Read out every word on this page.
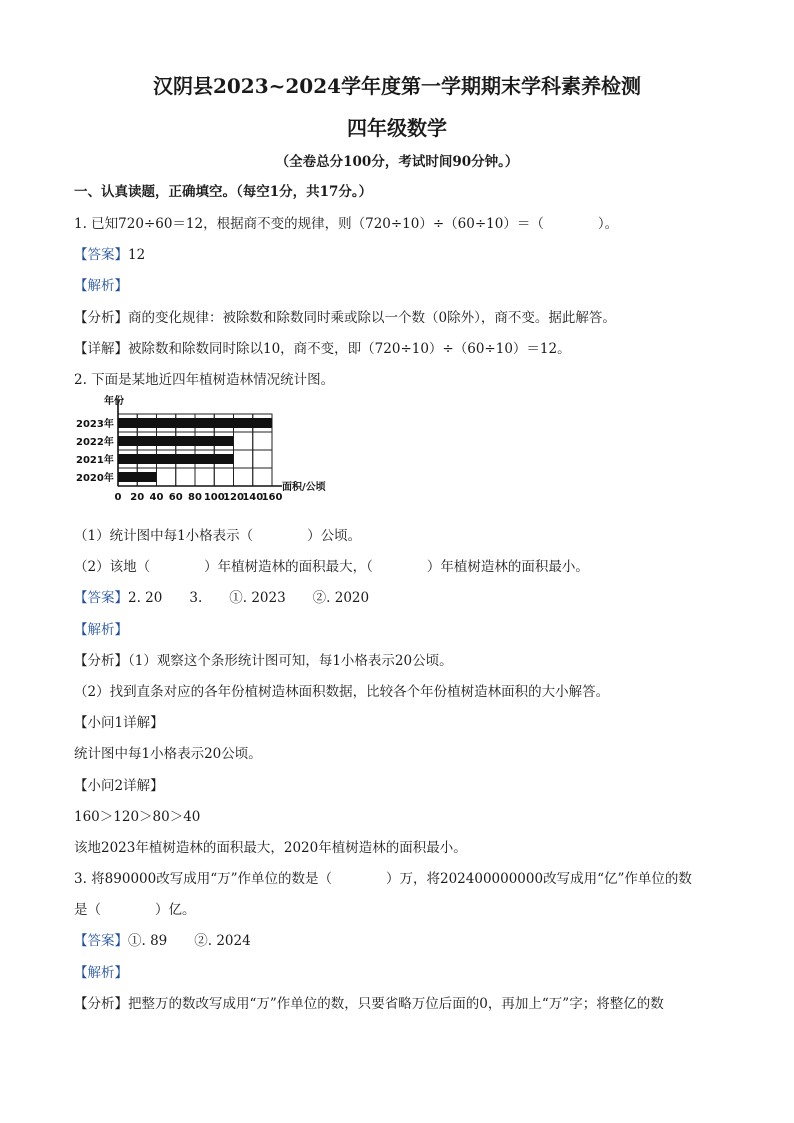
汉阴县2023~2024学年度第一学期期末学科素养检测
四年级数学
（全卷总分100分，考试时间90分钟。）
一、认真读题，正确填空。（每空1分，共17分。）
1. 已知720÷60＝12，根据商不变的规律，则（720÷10）÷（60÷10）＝（　　　　）。
【答案】12
【解析】
【分析】商的变化规律：被除数和除数同时乘或除以一个数（0除外），商不变。据此解答。
【详解】被除数和除数同时除以10，商不变，即（720÷10）÷（60÷10）＝12。
2. 下面是某地近四年植树造林情况统计图。
年份
面积/公顷
2023年
2022年
2021年
2020年
0 20 40 60 80 100
120
140
160
（1）统计图中每1小格表示（　　　　）公顷。
（2）该地（　　　　）年植树造林的面积最大，（　　　　）年植树造林的面积最小。
【答案】2. 20　　3.　　①. 2023　　②. 2020
【解析】
【分析】（1）观察这个条形统计图可知，每1小格表示20公顷。
（2）找到直条对应的各年份植树造林面积数据，比较各个年份植树造林面积的大小解答。
【小问1详解】
统计图中每1小格表示20公顷。
【小问2详解】
160＞120＞80＞40
该地2023年植树造林的面积最大，2020年植树造林的面积最小。
3. 将890000改写成用“万”作单位的数是（　　　　）万，将202400000000改写成用“亿”作单位的数
是（　　　　）亿。
【答案】①. 89　　②. 2024
【解析】
【分析】把整万的数改写成用“万”作单位的数，只要省略万位后面的0，再加上“万”字；将整亿的数
